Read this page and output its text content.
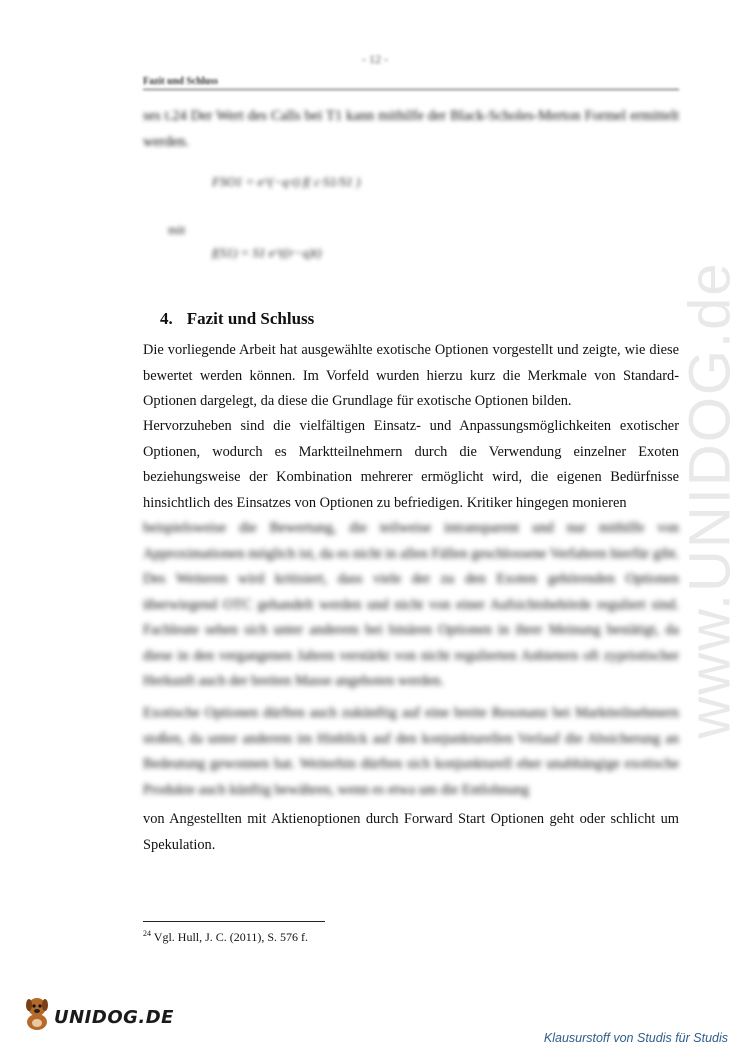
- 12 -
Fazit und Schluss
ses t.24 Der Wert des Calls bei T1 kann mithilfe der Black-Scholes-Merton Formel ermittelt werden.
FSO1 = e^(−q·t) f( c·S1/S1 )
mit
f(S1) = S1 e^((r−q)t)
4. Fazit und Schluss
Die vorliegende Arbeit hat ausgewählte exotische Optionen vorgestellt und zeigte, wie diese bewertet werden können. Im Vorfeld wurden hierzu kurz die Merkmale von Standard-Optionen dargelegt, da diese die Grundlage für exotische Optionen bilden.
Hervorzuheben sind die vielfältigen Einsatz- und Anpassungsmöglichkeiten exotischer Optionen, wodurch es Marktteilnehmern durch die Verwendung einzelner Exoten beziehungsweise der Kombination mehrerer ermöglicht wird, die eigenen Bedürfnisse hinsichtlich des Einsatzes von Optionen zu befriedigen. Kritiker hingegen monieren
beispielsweise die Bewertung, die teilweise intransparent und nur mithilfe von Approximationen möglich ist, da es nicht in allen Fällen geschlossene Verfahren hierfür gibt. Des Weiteren wird kritisiert, dass viele der zu den Exoten gehörenden Optionen überwiegend OTC gehandelt werden und nicht von einer Aufsichtsbehörde reguliert sind. Fachleute sehen sich unter anderem bei binären Optionen in ihrer Meinung bestätigt, da diese in den vergangenen Jahren verstärkt von nicht regulierten Anbietern oft zypriotischer Herkunft auch der breiten Masse angeboten werden.
Exotische Optionen dürften auch zukünftig auf eine breite Resonanz bei Marktteilnehmern stoßen, da unter anderem im Hinblick auf den konjunkturellen Verlauf die Absicherung an Bedeutung gewonnen hat. Weiterhin dürften sich konjunkturell eher unabhängige exotische Produkte auch künftig bewähren, wenn es etwa um die Entlohnung
von Angestellten mit Aktienoptionen durch Forward Start Optionen geht oder schlicht um Spekulation.
$^{24}$ Vgl. Hull, J. C. (2011), S. 576 f.
www.UNIDOG.de
UNIDOG.DE
Klausurstoff von Studis für Studis
